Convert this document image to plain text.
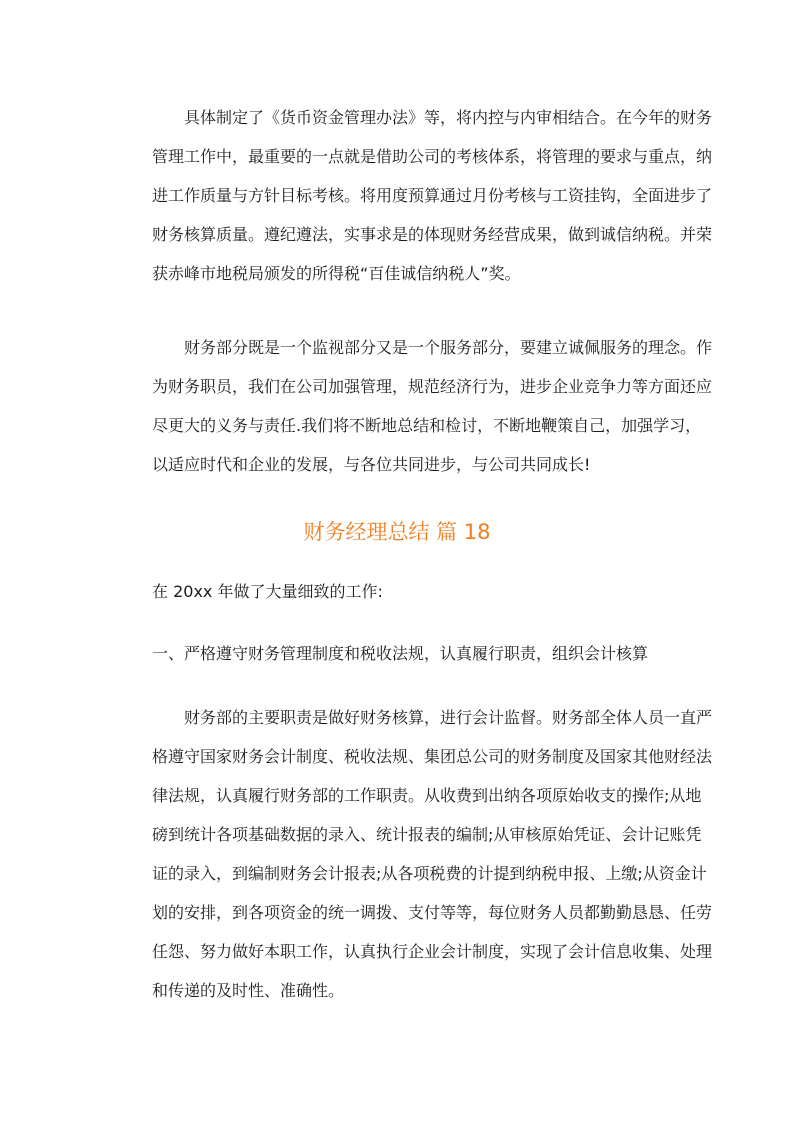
具体制定了《货币资金管理办法》等，将内控与内审相结合。在今年的财务
管理工作中，最重要的一点就是借助公司的考核体系，将管理的要求与重点，纳
进工作质量与方针目标考核。将用度预算通过月份考核与工资挂钩，全面进步了
财务核算质量。遵纪遵法，实事求是的体现财务经营成果，做到诚信纳税。并荣
获赤峰市地税局颁发的所得税“百佳诚信纳税人”奖。
财务部分既是一个监视部分又是一个服务部分，要建立诚佩服务的理念。作
为财务职员，我们在公司加强管理，规范经济行为，进步企业竞争力等方面还应
尽更大的义务与责任.我们将不断地总结和检讨，不断地鞭策自己，加强学习，
以适应时代和企业的发展，与各位共同进步，与公司共同成长!
财务经理总结 篇 18

在 20xx 年做了大量细致的工作:

一、严格遵守财务管理制度和税收法规，认真履行职责，组织会计核算

财务部的主要职责是做好财务核算，进行会计监督。财务部全体人员一直严
格遵守国家财务会计制度、税收法规、集团总公司的财务制度及国家其他财经法
律法规，认真履行财务部的工作职责。从收费到出纳各项原始收支的操作;从地
磅到统计各项基础数据的录入、统计报表的编制;从审核原始凭证、会计记账凭
证的录入，到编制财务会计报表;从各项税费的计提到纳税申报、上缴;从资金计
划的安排，到各项资金的统一调拨、支付等等，每位财务人员都勤勤恳恳、任劳
任怨、努力做好本职工作，认真执行企业会计制度，实现了会计信息收集、处理
和传递的及时性、准确性。
